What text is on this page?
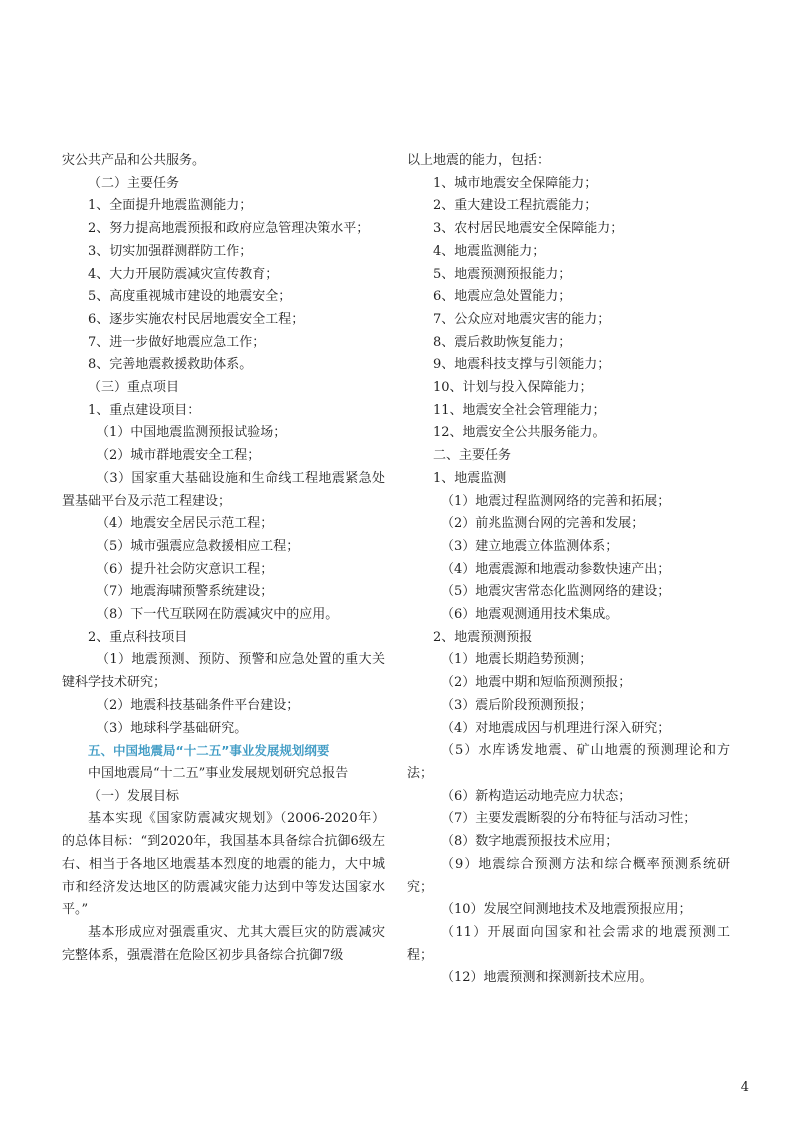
灾公共产品和公共服务。
（二）主要任务
1、全面提升地震监测能力；
2、努力提高地震预报和政府应急管理决策水平；
3、切实加强群测群防工作；
4、大力开展防震减灾宣传教育；
5、高度重视城市建设的地震安全；
6、逐步实施农村民居地震安全工程；
7、进一步做好地震应急工作；
8、完善地震救援救助体系。
（三）重点项目
1、重点建设项目：
（1）中国地震监测预报试验场；
（2）城市群地震安全工程；
（3）国家重大基础设施和生命线工程地震紧急处置基础平台及示范工程建设；
（4）地震安全居民示范工程；
（5）城市强震应急救援相应工程；
（6）提升社会防灾意识工程；
（7）地震海啸预警系统建设；
（8）下一代互联网在防震减灾中的应用。
2、重点科技项目
（1）地震预测、预防、预警和应急处置的重大关键科学技术研究；
（2）地震科技基础条件平台建设；
（3）地球科学基础研究。
五、中国地震局“十二五”事业发展规划纲要
中国地震局“十二五”事业发展规划研究总报告
（一）发展目标
基本实现《国家防震减灾规划》（2006-2020年）的总体目标：“到2020年，我国基本具备综合抗御6级左右、相当于各地区地震基本烈度的地震的能力，大中城市和经济发达地区的防震减灾能力达到中等发达国家水平。”
基本形成应对强震重灾、尤其大震巨灾的防震减灾完整体系，强震潜在危险区初步具备综合抗御7级
以上地震的能力，包括：
1、城市地震安全保障能力；
2、重大建设工程抗震能力；
3、农村居民地震安全保障能力；
4、地震监测能力；
5、地震预测预报能力；
6、地震应急处置能力；
7、公众应对地震灾害的能力；
8、震后救助恢复能力；
9、地震科技支撑与引领能力；
10、计划与投入保障能力；
11、地震安全社会管理能力；
12、地震安全公共服务能力。
二、主要任务
1、地震监测
（1）地震过程监测网络的完善和拓展；
（2）前兆监测台网的完善和发展；
（3）建立地震立体监测体系；
（4）地震震源和地震动参数快速产出；
（5）地震灾害常态化监测网络的建设；
（6）地震观测通用技术集成。
2、地震预测预报
（1）地震长期趋势预测；
（2）地震中期和短临预测预报；
（3）震后阶段预测预报；
（4）对地震成因与机理进行深入研究；
（5）水库诱发地震、矿山地震的预测理论和方法；
（6）新构造运动地壳应力状态；
（7）主要发震断裂的分布特征与活动习性；
（8）数字地震预报技术应用；
（9）地震综合预测方法和综合概率预测系统研究；
（10）发展空间测地技术及地震预报应用；
（11）开展面向国家和社会需求的地震预测工程；
（12）地震预测和探测新技术应用。
4
